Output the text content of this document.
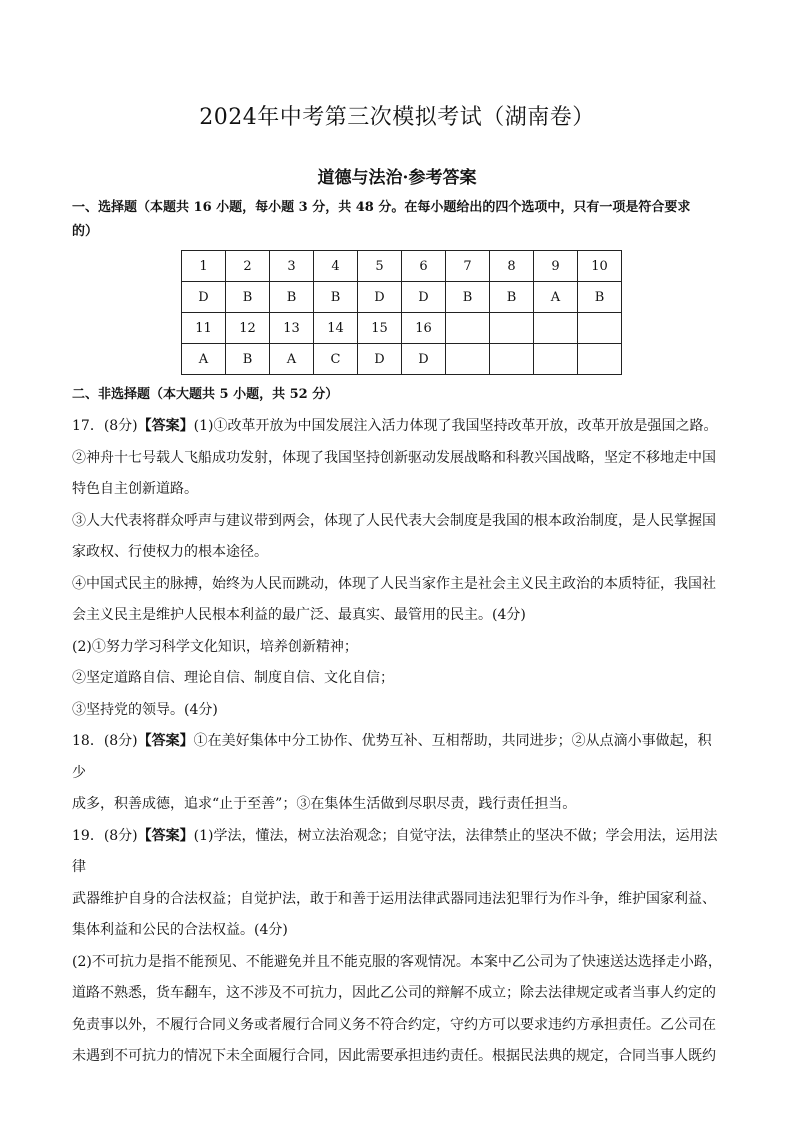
2024年中考第三次模拟考试（湖南卷）
道德与法治·参考答案
一、选择题（本题共 16 小题，每小题 3 分，共 48 分。在每小题给出的四个选项中，只有一项是符合要求
的）
1	2	3	4	5	6	7	8	9	10
D	B	B	B	D	D	B	B	A	B
11	12	13	14	15	16				
A	B	A	C	D	D				
二、非选择题（本大题共 5 小题，共 52 分）

17．(8分)【答案】(1)①改革开放为中国发展注入活力体现了我国坚持改革开放，改革开放是强国之路。

②神舟十七号载人飞船成功发射，体现了我国坚持创新驱动发展战略和科教兴国战略，坚定不移地走中国

特色自主创新道路。

③人大代表将群众呼声与建议带到两会，体现了人民代表大会制度是我国的根本政治制度，是人民掌握国

家政权、行使权力的根本途径。

④中国式民主的脉搏，始终为人民而跳动，体现了人民当家作主是社会主义民主政治的本质特征，我国社

会主义民主是维护人民根本利益的最广泛、最真实、最管用的民主。(4分)

(2)①努力学习科学文化知识，培养创新精神；

②坚定道路自信、理论自信、制度自信、文化自信；

③坚持党的领导。(4分)

18．(8分)【答案】①在美好集体中分工协作、优势互补、互相帮助，共同进步；②从点滴小事做起，积少

成多，积善成德，追求“止于至善”；③在集体生活做到尽职尽责，践行责任担当。

19．(8分)【答案】(1)学法，懂法，树立法治观念；自觉守法，法律禁止的坚决不做；学会用法，运用法律

武器维护自身的合法权益；自觉护法，敢于和善于运用法律武器同违法犯罪行为作斗争，维护国家利益、

集体利益和公民的合法权益。(4分)

(2)不可抗力是指不能预见、不能避免并且不能克服的客观情况。本案中乙公司为了快速送达选择走小路，

道路不熟悉，货车翻车，这不涉及不可抗力，因此乙公司的辩解不成立；除去法律规定或者当事人约定的

免责事以外，不履行合同义务或者履行合同义务不符合约定，守约方可以要求违约方承担责任。乙公司在

未遇到不可抗力的情况下未全面履行合同，因此需要承担违约责任。根据民法典的规定，合同当事人既约
